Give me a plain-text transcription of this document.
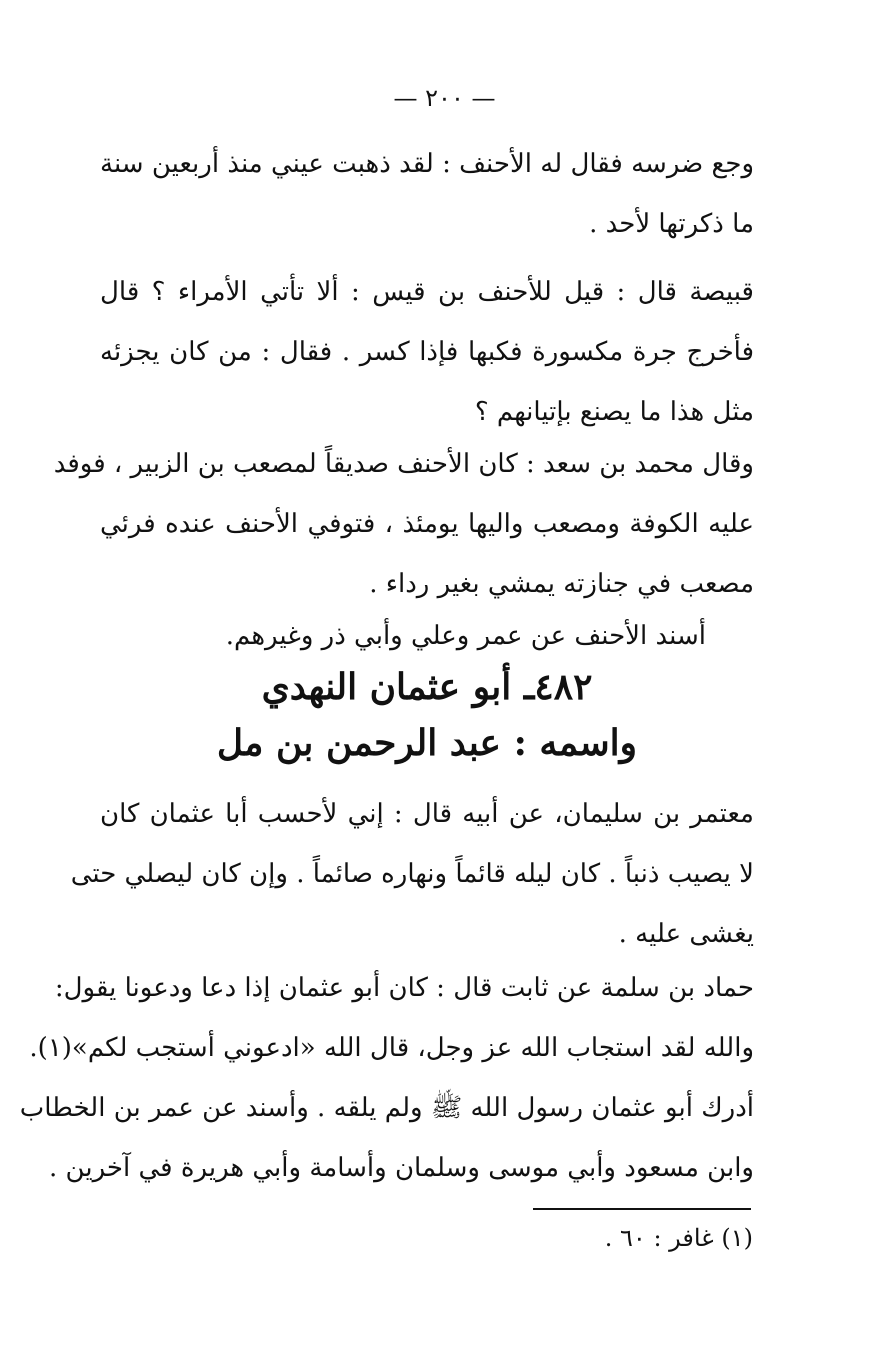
— ٢٠٠ —
وجع ضرسه فقال له الأحنف : لقد ذهبت عيني منذ أربعين سنة
ما ذكرتها لأحد .
قبيصة قال : قيل للأحنف بن قيس : ألا تأتي الأمراء ؟ قال
فأخرج جرة مكسورة فكبها فإذا كسر . فقال : من كان يجزئه
مثل هذا ما يصنع بإتيانهم ؟
وقال محمد بن سعد : كان الأحنف صديقاً لمصعب بن الزبير ، فوفد
عليه الكوفة ومصعب واليها يومئذ ، فتوفي الأحنف عنده فرئي
مصعب في جنازته يمشي بغير رداء .
أسند الأحنف عن عمر وعلي وأبي ذر وغيرهم.
٤٨٢ـ أبو عثمان النهدي
واسمه : عبد الرحمن بن مل
معتمر بن سليمان، عن أبيه قال : إني لأحسب أبا عثمان كان
لا يصيب ذنباً . كان ليله قائماً ونهاره صائماً . وإن كان ليصلي حتى
يغشى عليه .
حماد بن سلمة عن ثابت قال : كان أبو عثمان إذا دعا ودعونا يقول:
والله لقد استجاب الله عز وجل، قال الله «ادعوني أستجب لكم»(١).
أدرك أبو عثمان رسول الله ﷺ ولم يلقه . وأسند عن عمر بن الخطاب
وابن مسعود وأبي موسى وسلمان وأسامة وأبي هريرة في آخرين .
(١) غافر : ٦٠ .
